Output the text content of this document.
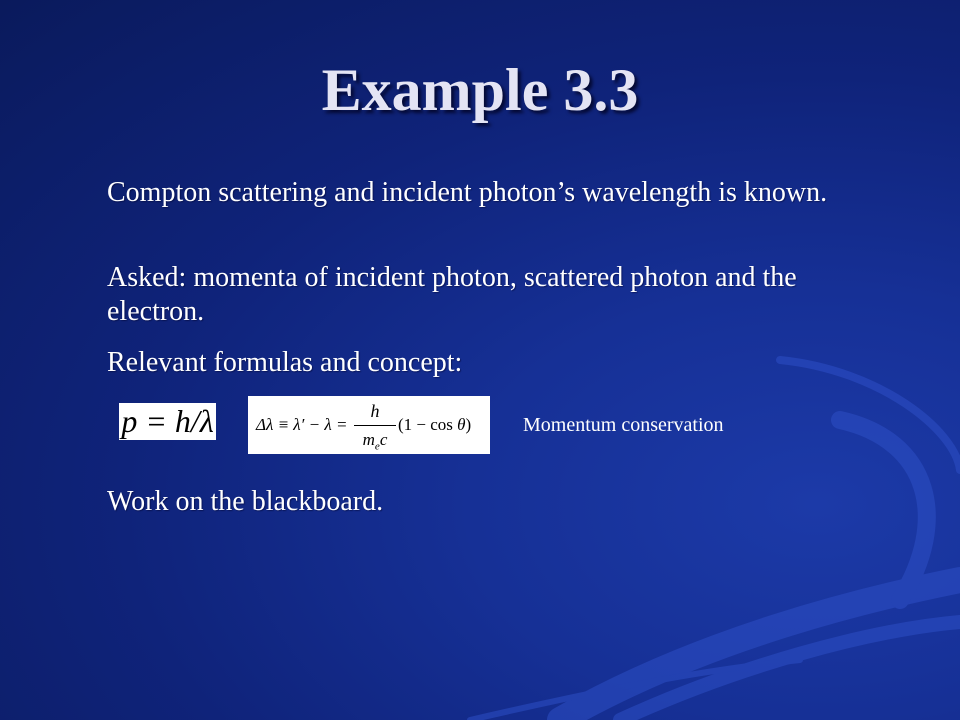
Example 3.3
Compton scattering and incident photon’s wavelength is known.
Asked: momenta of incident photon, scattered photon and the electron.
Relevant formulas and concept:
p = h/λ Δλ ≡ λ′ − λ =
h
$m_ec$
(1 − cos θ)	Momentum conservation
Work on the blackboard.
